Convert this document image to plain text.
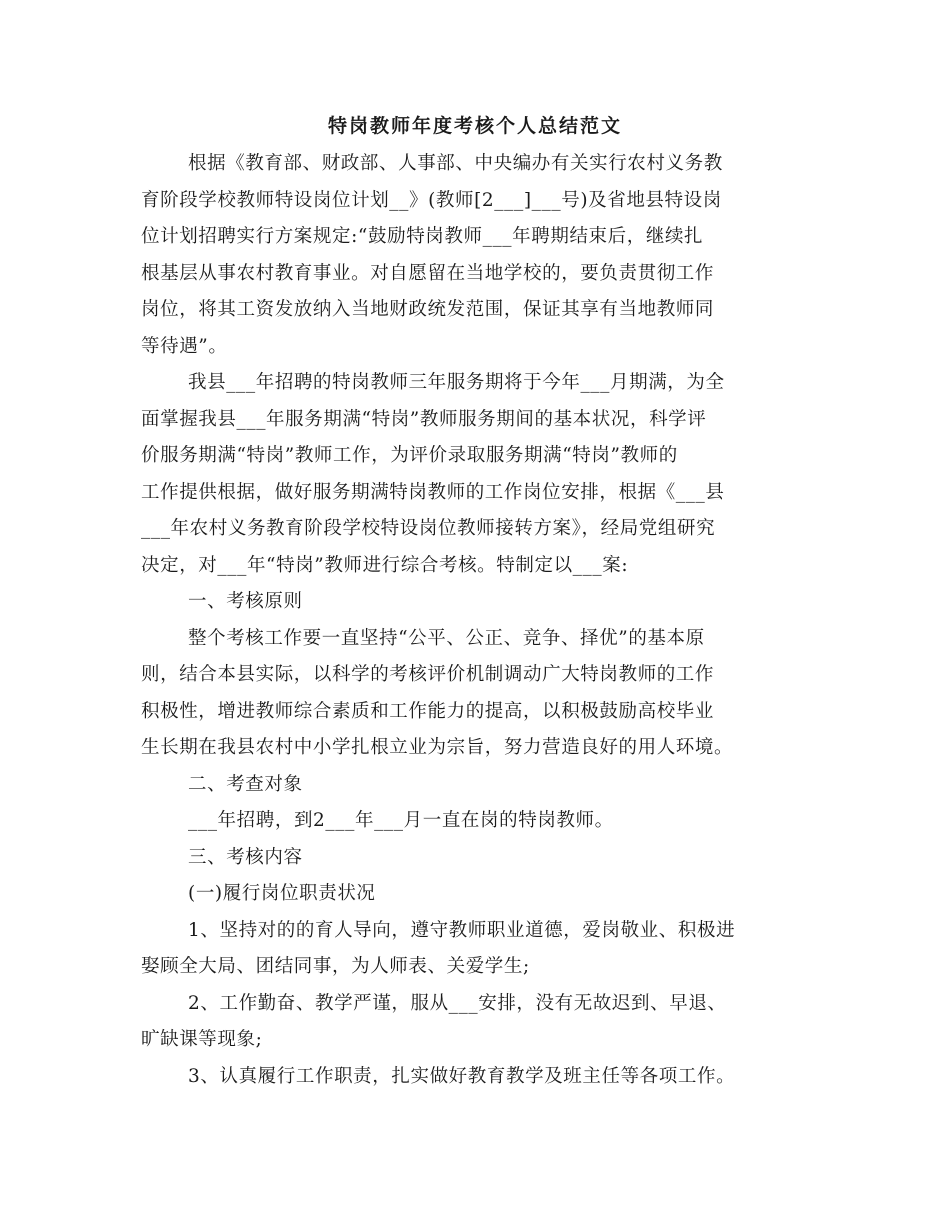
特岗教师年度考核个人总结范文
根据《教育部、财政部、人事部、中央编办有关实行农村义务教
育阶段学校教师特设岗位计划__》(教师[2___]___号)及省地县特设岗
位计划招聘实行方案规定:“鼓励特岗教师___年聘期结束后，继续扎
根基层从事农村教育事业。对自愿留在当地学校的，要负责贯彻工作
岗位，将其工资发放纳入当地财政统发范围，保证其享有当地教师同
等待遇”。
我县___年招聘的特岗教师三年服务期将于今年___月期满，为全
面掌握我县___年服务期满“特岗”教师服务期间的基本状况，科学评
价服务期满“特岗”教师工作，为评价录取服务期满“特岗”教师的
工作提供根据，做好服务期满特岗教师的工作岗位安排，根据《___县
___年农村义务教育阶段学校特设岗位教师接转方案》，经局党组研究
决定，对___年“特岗”教师进行综合考核。特制定以___案:
一、考核原则
整个考核工作要一直坚持“公平、公正、竞争、择优”的基本原
则，结合本县实际，以科学的考核评价机制调动广大特岗教师的工作
积极性，增进教师综合素质和工作能力的提高，以积极鼓励高校毕业
生长期在我县农村中小学扎根立业为宗旨，努力营造良好的用人环境。
二、考查对象
___年招聘，到2___年___月一直在岗的特岗教师。
三、考核内容
(一)履行岗位职责状况
1、坚持对的的育人导向，遵守教师职业道德，爱岗敬业、积极进
娶顾全大局、团结同事，为人师表、关爱学生;
2、工作勤奋、教学严谨，服从___安排，没有无故迟到、早退、
旷缺课等现象;
3、认真履行工作职责，扎实做好教育教学及班主任等各项工作。
